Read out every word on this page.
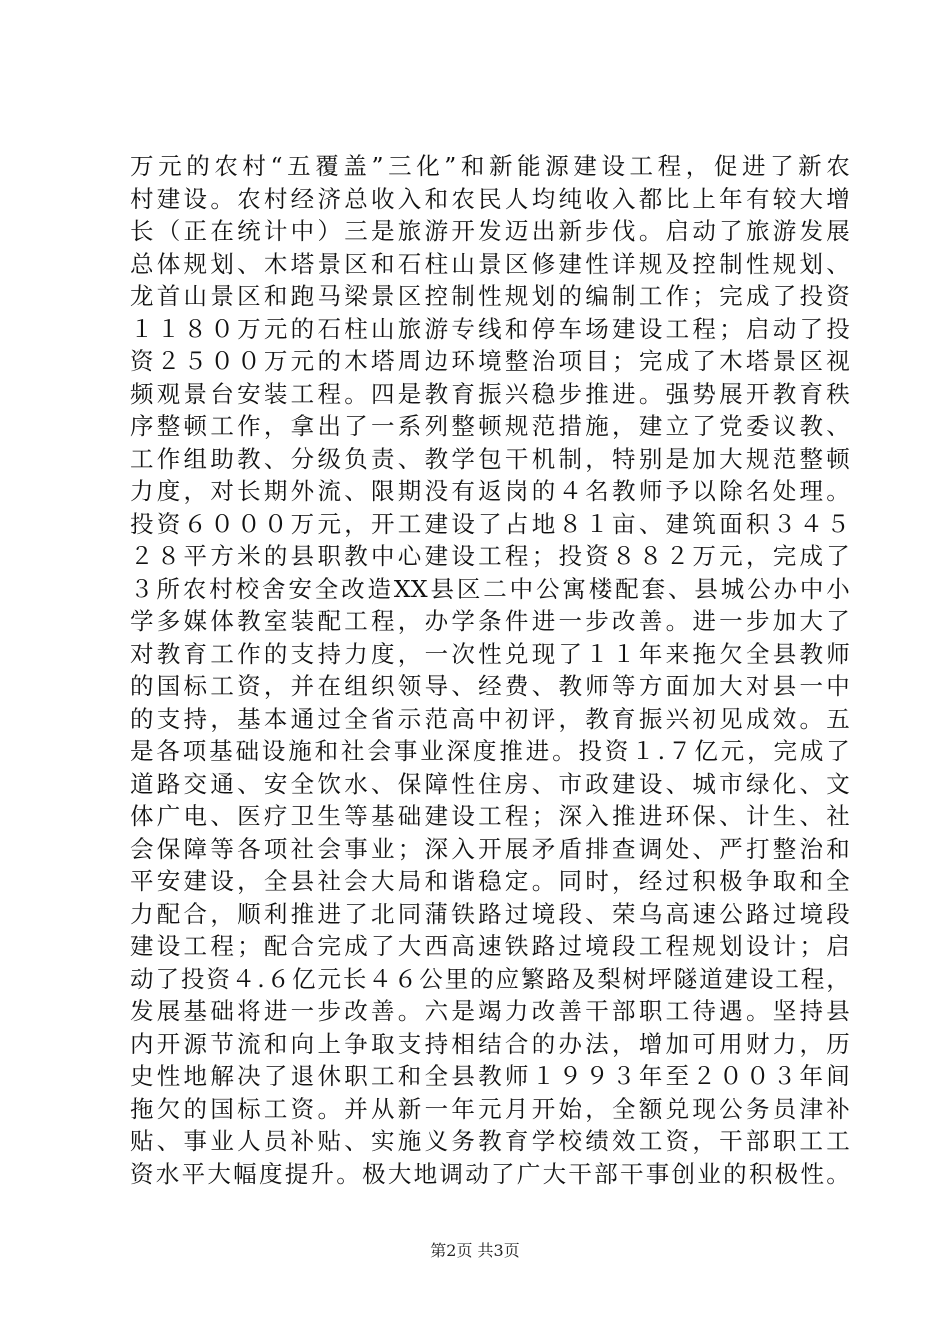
万元的农村“五覆盖”三化”和新能源建设工程，促进了新农
村建设。农村经济总收入和农民人均纯收入都比上年有较大增
长（正在统计中）三是旅游开发迈出新步伐。启动了旅游发展
总体规划、木塔景区和石柱山景区修建性详规及控制性规划、
龙首山景区和跑马梁景区控制性规划的编制工作；完成了投资
１１８０万元的石柱山旅游专线和停车场建设工程；启动了投
资２５００万元的木塔周边环境整治项目；完成了木塔景区视
频观景台安装工程。四是教育振兴稳步推进。强势展开教育秩
序整顿工作，拿出了一系列整顿规范措施，建立了党委议教、
工作组助教、分级负责、教学包干机制，特别是加大规范整顿
力度，对长期外流、限期没有返岗的４名教师予以除名处理。
投资６０００万元，开工建设了占地８１亩、建筑面积３４５
２８平方米的县职教中心建设工程；投资８８２万元，完成了
３所农村校舍安全改造XX县区二中公寓楼配套、县城公办中小
学多媒体教室装配工程，办学条件进一步改善。进一步加大了
对教育工作的支持力度，一次性兑现了１１年来拖欠全县教师
的国标工资，并在组织领导、经费、教师等方面加大对县一中
的支持，基本通过全省示范高中初评，教育振兴初见成效。五
是各项基础设施和社会事业深度推进。投资１.７亿元，完成了
道路交通、安全饮水、保障性住房、市政建设、城市绿化、文
体广电、医疗卫生等基础建设工程；深入推进环保、计生、社
会保障等各项社会事业；深入开展矛盾排查调处、严打整治和
平安建设，全县社会大局和谐稳定。同时，经过积极争取和全
力配合，顺利推进了北同蒲铁路过境段、荣乌高速公路过境段
建设工程；配合完成了大西高速铁路过境段工程规划设计；启
动了投资４.６亿元长４６公里的应繁路及梨树坪隧道建设工程，
发展基础将进一步改善。六是竭力改善干部职工待遇。坚持县
内开源节流和向上争取支持相结合的办法，增加可用财力，历
史性地解决了退休职工和全县教师１９９３年至２００３年间
拖欠的国标工资。并从新一年元月开始，全额兑现公务员津补
贴、事业人员补贴、实施义务教育学校绩效工资，干部职工工
资水平大幅度提升。极大地调动了广大干部干事创业的积极性。
第2页 共3页
